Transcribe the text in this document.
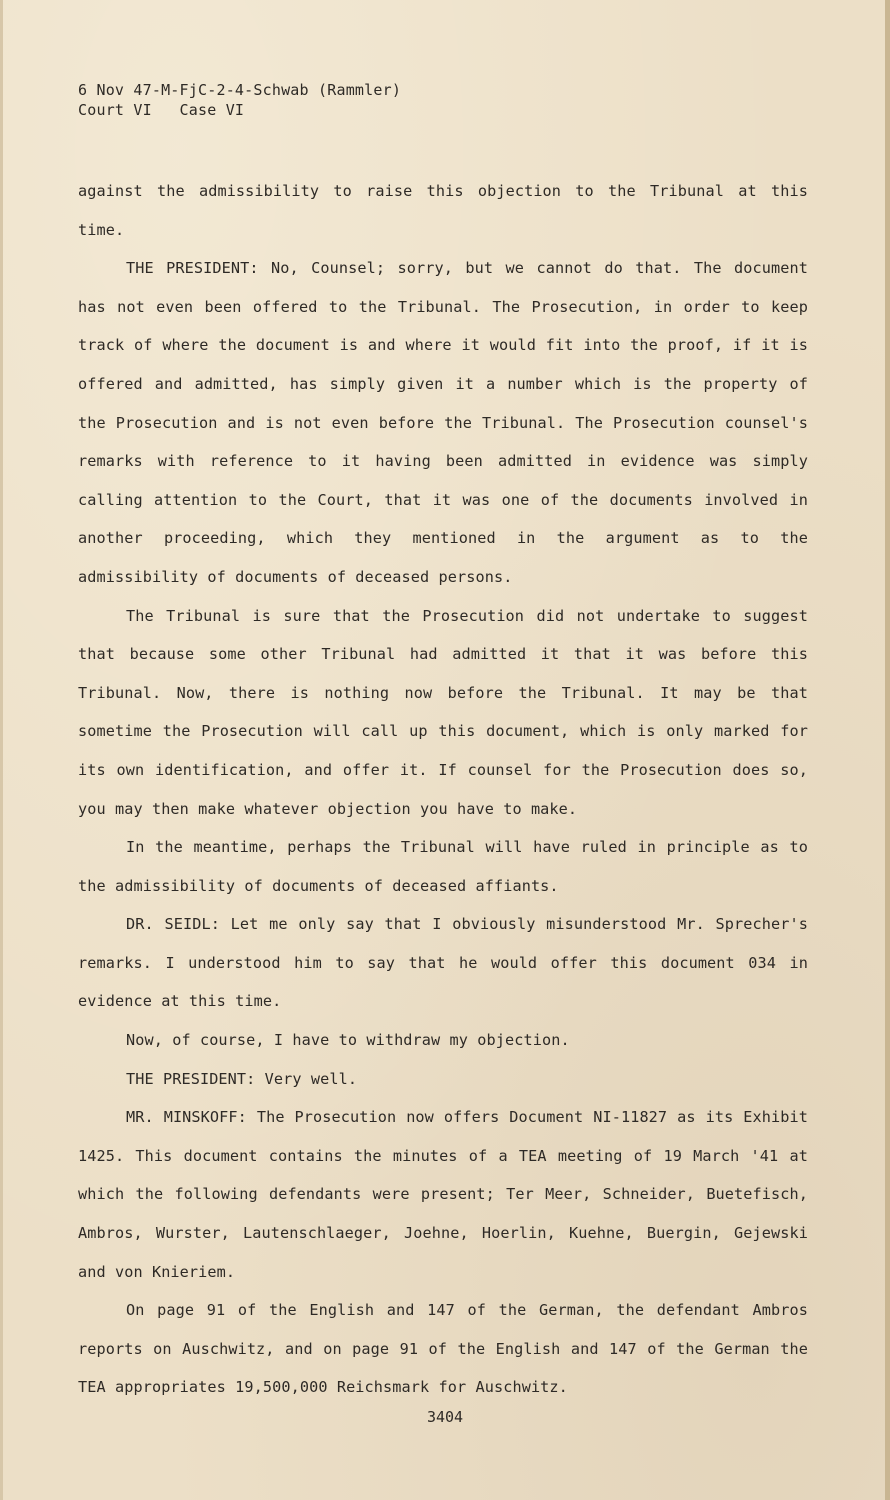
6 Nov 47-M-FjC-2-4-Schwab (Rammler)
Court VI   Case VI

against the admissibility to raise this objection to the Tribunal at this time.

THE PRESIDENT: No, Counsel; sorry, but we cannot do that. The document has not even been offered to the Tribunal. The Prosecution, in order to keep track of where the document is and where it would fit into the proof, if it is offered and admitted, has simply given it a number which is the property of the Prosecution and is not even before the Tribunal. The Prosecution counsel's remarks with reference to it having been admitted in evidence was simply calling attention to the Court, that it was one of the documents involved in another proceeding, which they mentioned in the argument as to the admissibility of documents of deceased persons.

The Tribunal is sure that the Prosecution did not undertake to suggest that because some other Tribunal had admitted it that it was before this Tribunal. Now, there is nothing now before the Tribunal. It may be that sometime the Prosecution will call up this document, which is only marked for its own identification, and offer it. If counsel for the Prosecution does so, you may then make whatever objection you have to make.

In the meantime, perhaps the Tribunal will have ruled in principle as to the admissibility of documents of deceased affiants.

DR. SEIDL: Let me only say that I obviously misunderstood Mr. Sprecher's remarks. I understood him to say that he would offer this document 034 in evidence at this time.

Now, of course, I have to withdraw my objection.

THE PRESIDENT: Very well.

MR. MINSKOFF: The Prosecution now offers Document NI-11827 as its Exhibit 1425. This document contains the minutes of a TEA meeting of 19 March '41 at which the following defendants were present; Ter Meer, Schneider, Buetefisch, Ambros, Wurster, Lautenschlaeger, Joehne, Hoerlin, Kuehne, Buergin, Gejewski and von Knieriem.

On page 91 of the English and 147 of the German, the defendant Ambros reports on Auschwitz, and on page 91 of the English and 147 of the German the TEA appropriates 19,500,000 Reichsmark for Auschwitz.

3404
